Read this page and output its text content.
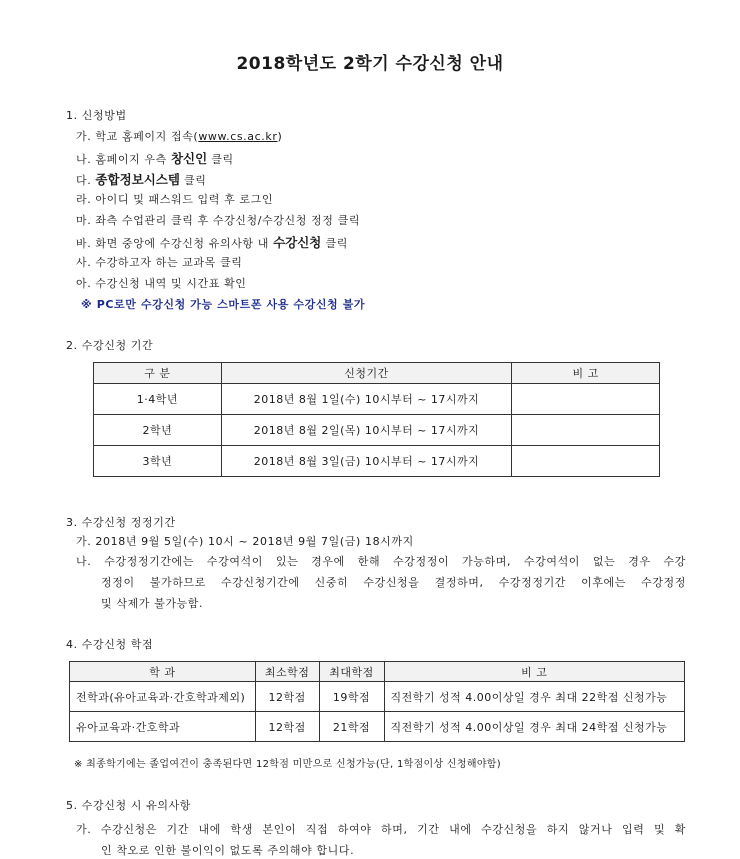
2018학년도 2학기 수강신청 안내
1. 신청방법
가. 학교 홈페이지 접속(www.cs.ac.kr)
나. 홈페이지 우측 창신인 클릭
다. 종합정보시스템 클릭
라. 아이디 및 패스워드 입력 후 로그인
마. 좌측 수업관리 클릭 후 수강신청/수강신청 정정 클릭
바. 화면 중앙에 수강신청 유의사항 내 수강신청 클릭
사. 수강하고자 하는 교과목 클릭
아. 수강신청 내역 및 시간표 확인
※ PC로만 수강신청 가능 스마트폰 사용 수강신청 불가
2. 수강신청 기간
구 분	신청기간	비 고
1·4학년	2018년 8월 1일(수) 10시부터 ~ 17시까지	
2학년	2018년 8월 2일(목) 10시부터 ~ 17시까지	
3학년	2018년 8월 3일(금) 10시부터 ~ 17시까지	
3. 수강신청 정정기간
가. 2018년 9월 5일(수) 10시 ~ 2018년 9월 7일(금) 18시까지
나. 수강정정기간에는 수강여석이 있는 경우에 한해 수강정정이 가능하며, 수강여석이 없는 경우 수강
정정이 불가하므로 수강신청기간에 신중히 수강신청을 결정하며, 수강정정기간 이후에는 수강정정
및 삭제가 불가능함.
4. 수강신청 학점
학 과	최소학점	최대학점	비 고
전학과(유아교육과·간호학과제외)	12학점	19학점	직전학기 성적 4.00이상일 경우 최대 22학점 신청가능
유아교육과·간호학과	12학점	21학점	직전학기 성적 4.00이상일 경우 최대 24학점 신청가능
※ 최종학기에는 졸업여건이 충족된다면 12학점 미만으로 신청가능(단, 1학점이상 신청해야함)
5. 수강신청 시 유의사항
가. 수강신청은 기간 내에 학생 본인이 직접 하여야 하며, 기간 내에 수강신청을 하지 않거나 입력 및 확
인 착오로 인한 불이익이 없도록 주의해야 합니다.
